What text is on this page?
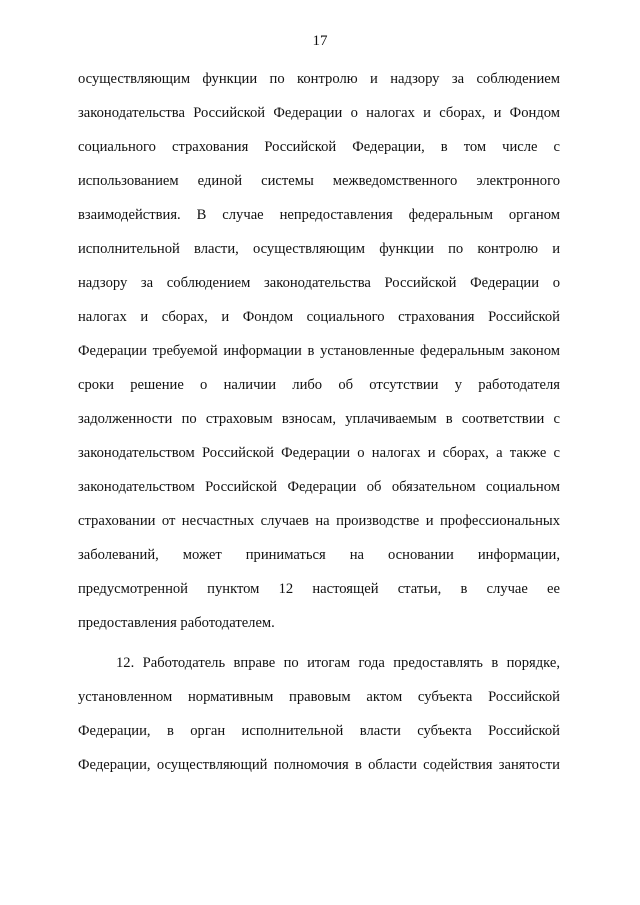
17
осуществляющим функции по контролю и надзору за соблюдением
законодательства Российской Федерации о налогах и сборах, и Фондом
социального страхования Российской Федерации, в том числе с
использованием единой системы межведомственного электронного
взаимодействия. В случае непредоставления федеральным органом
исполнительной власти, осуществляющим функции по контролю и
надзору за соблюдением законодательства Российской Федерации о
налогах и сборах, и Фондом социального страхования Российской
Федерации требуемой информации в установленные федеральным законом
сроки решение о наличии либо об отсутствии у работодателя
задолженности по страховым взносам, уплачиваемым в соответствии с
законодательством Российской Федерации о налогах и сборах, а также с
законодательством Российской Федерации об обязательном социальном
страховании от несчастных случаев на производстве и профессиональных
заболеваний, может приниматься на основании информации,
предусмотренной пунктом 12 настоящей статьи, в случае ее
предоставления работодателем.
12. Работодатель вправе по итогам года предоставлять в порядке,
установленном нормативным правовым актом субъекта Российской
Федерации, в орган исполнительной власти субъекта Российской
Федерации, осуществляющий полномочия в области содействия занятости
